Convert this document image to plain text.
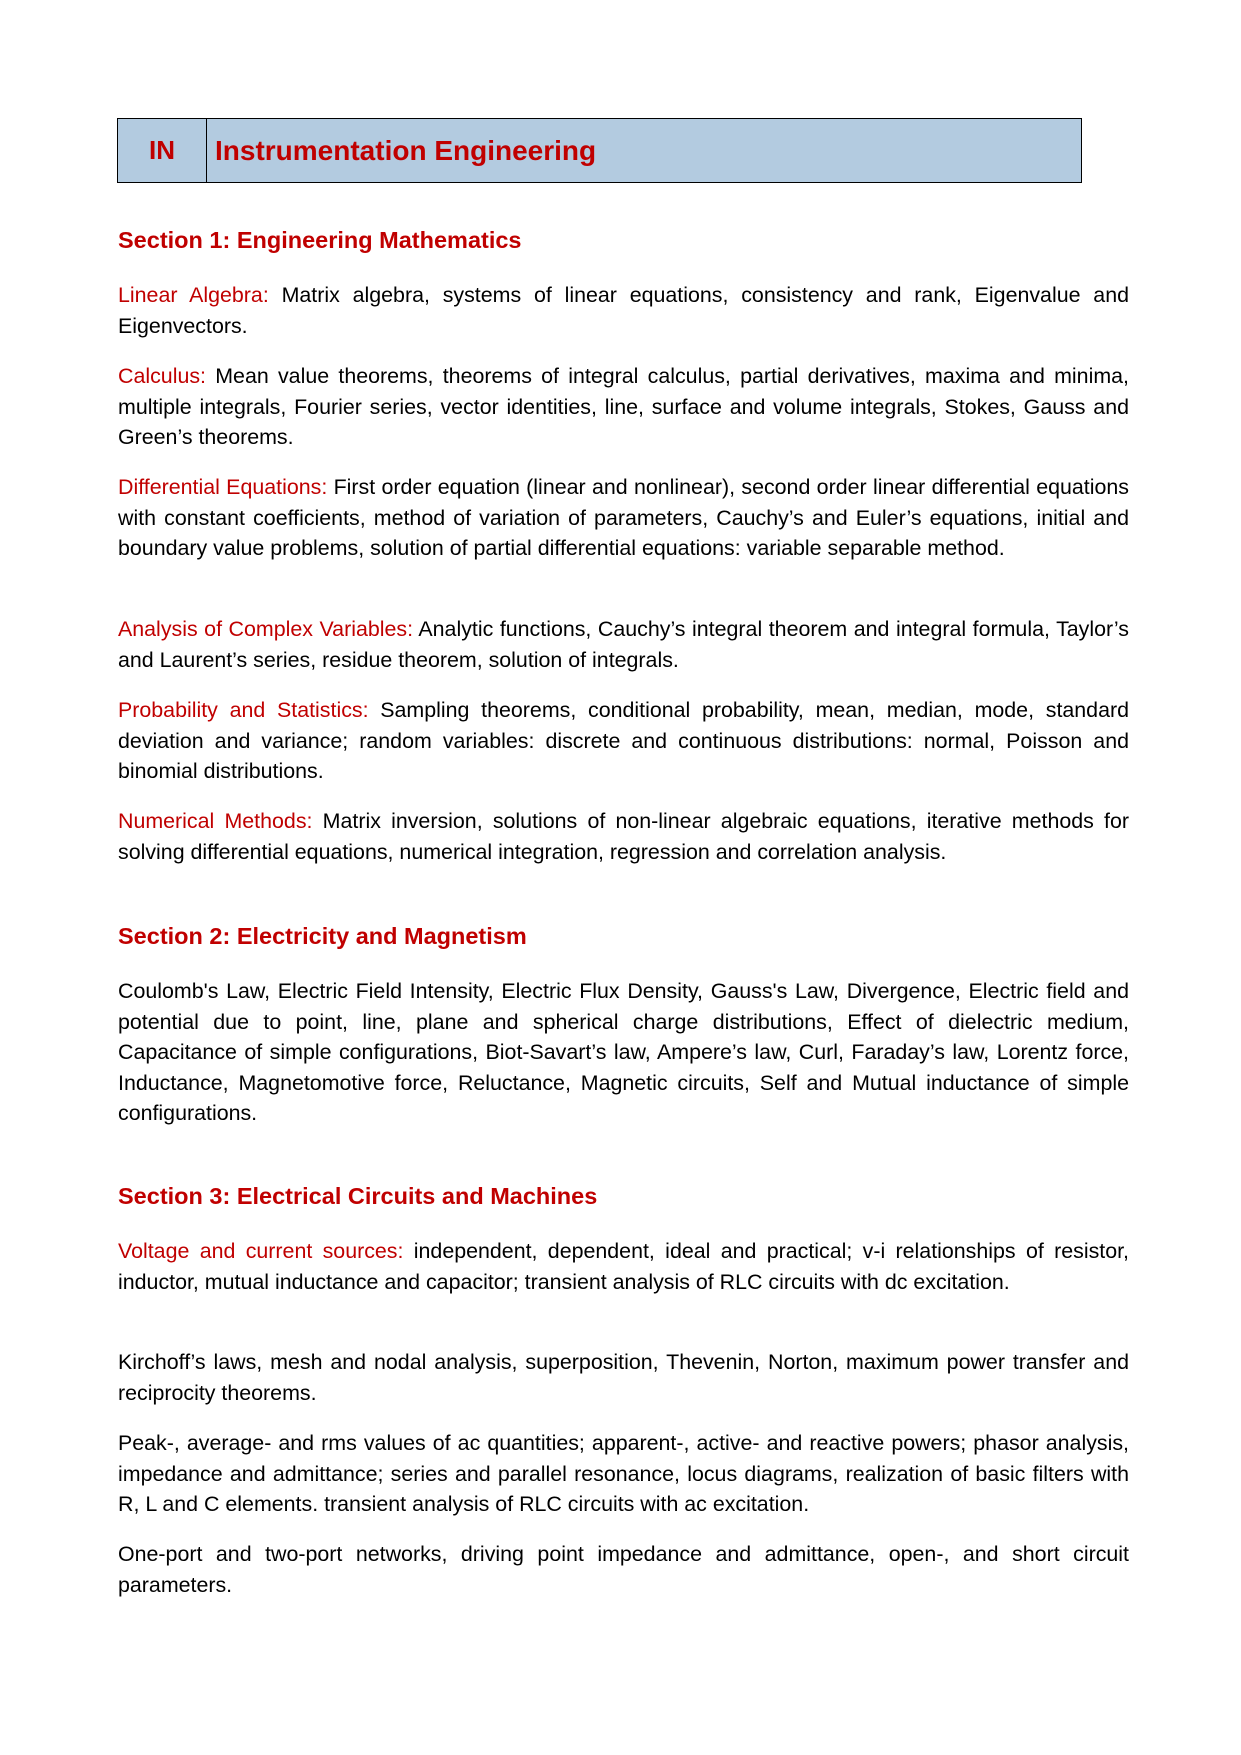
IN	Instrumentation Engineering
Section 1: Engineering Mathematics

Linear Algebra: Matrix algebra, systems of linear equations, consistency and rank, Eigenvalue and Eigenvectors.

Calculus: Mean value theorems, theorems of integral calculus, partial derivatives, maxima and minima, multiple integrals, Fourier series, vector identities, line, surface and volume integrals, Stokes, Gauss and Green’s theorems.

Differential Equations: First order equation (linear and nonlinear), second order linear differential equations with constant coefficients, method of variation of parameters, Cauchy’s and Euler’s equations, initial and boundary value problems, solution of partial differential equations: variable separable method.

Analysis of Complex Variables: Analytic functions, Cauchy’s integral theorem and integral formula, Taylor’s and Laurent’s series, residue theorem, solution of integrals.

Probability and Statistics: Sampling theorems, conditional probability, mean, median, mode, standard deviation and variance; random variables: discrete and continuous distributions: normal, Poisson and binomial distributions.

Numerical Methods: Matrix inversion, solutions of non-linear algebraic equations, iterative methods for solving differential equations, numerical integration, regression and correlation analysis.

Section 2: Electricity and Magnetism

Coulomb's Law, Electric Field Intensity, Electric Flux Density, Gauss's Law, Divergence, Electric field and potential due to point, line, plane and spherical charge distributions, Effect of dielectric medium, Capacitance of simple configurations, Biot-Savart’s law, Ampere’s law, Curl, Faraday’s law, Lorentz force, Inductance, Magnetomotive force, Reluctance, Magnetic circuits, Self and Mutual inductance of simple configurations.

Section 3: Electrical Circuits and Machines

Voltage and current sources: independent, dependent, ideal and practical; v-i relationships of resistor, inductor, mutual inductance and capacitor; transient analysis of RLC circuits with dc excitation.

Kirchoff’s laws, mesh and nodal analysis, superposition, Thevenin, Norton, maximum power transfer and reciprocity theorems.

Peak-, average- and rms values of ac quantities; apparent-, active- and reactive powers; phasor analysis, impedance and admittance; series and parallel resonance, locus diagrams, realization of basic filters with R, L and C elements. transient analysis of RLC circuits with ac excitation.

One-port and two-port networks, driving point impedance and admittance, open-, and short circuit parameters.
